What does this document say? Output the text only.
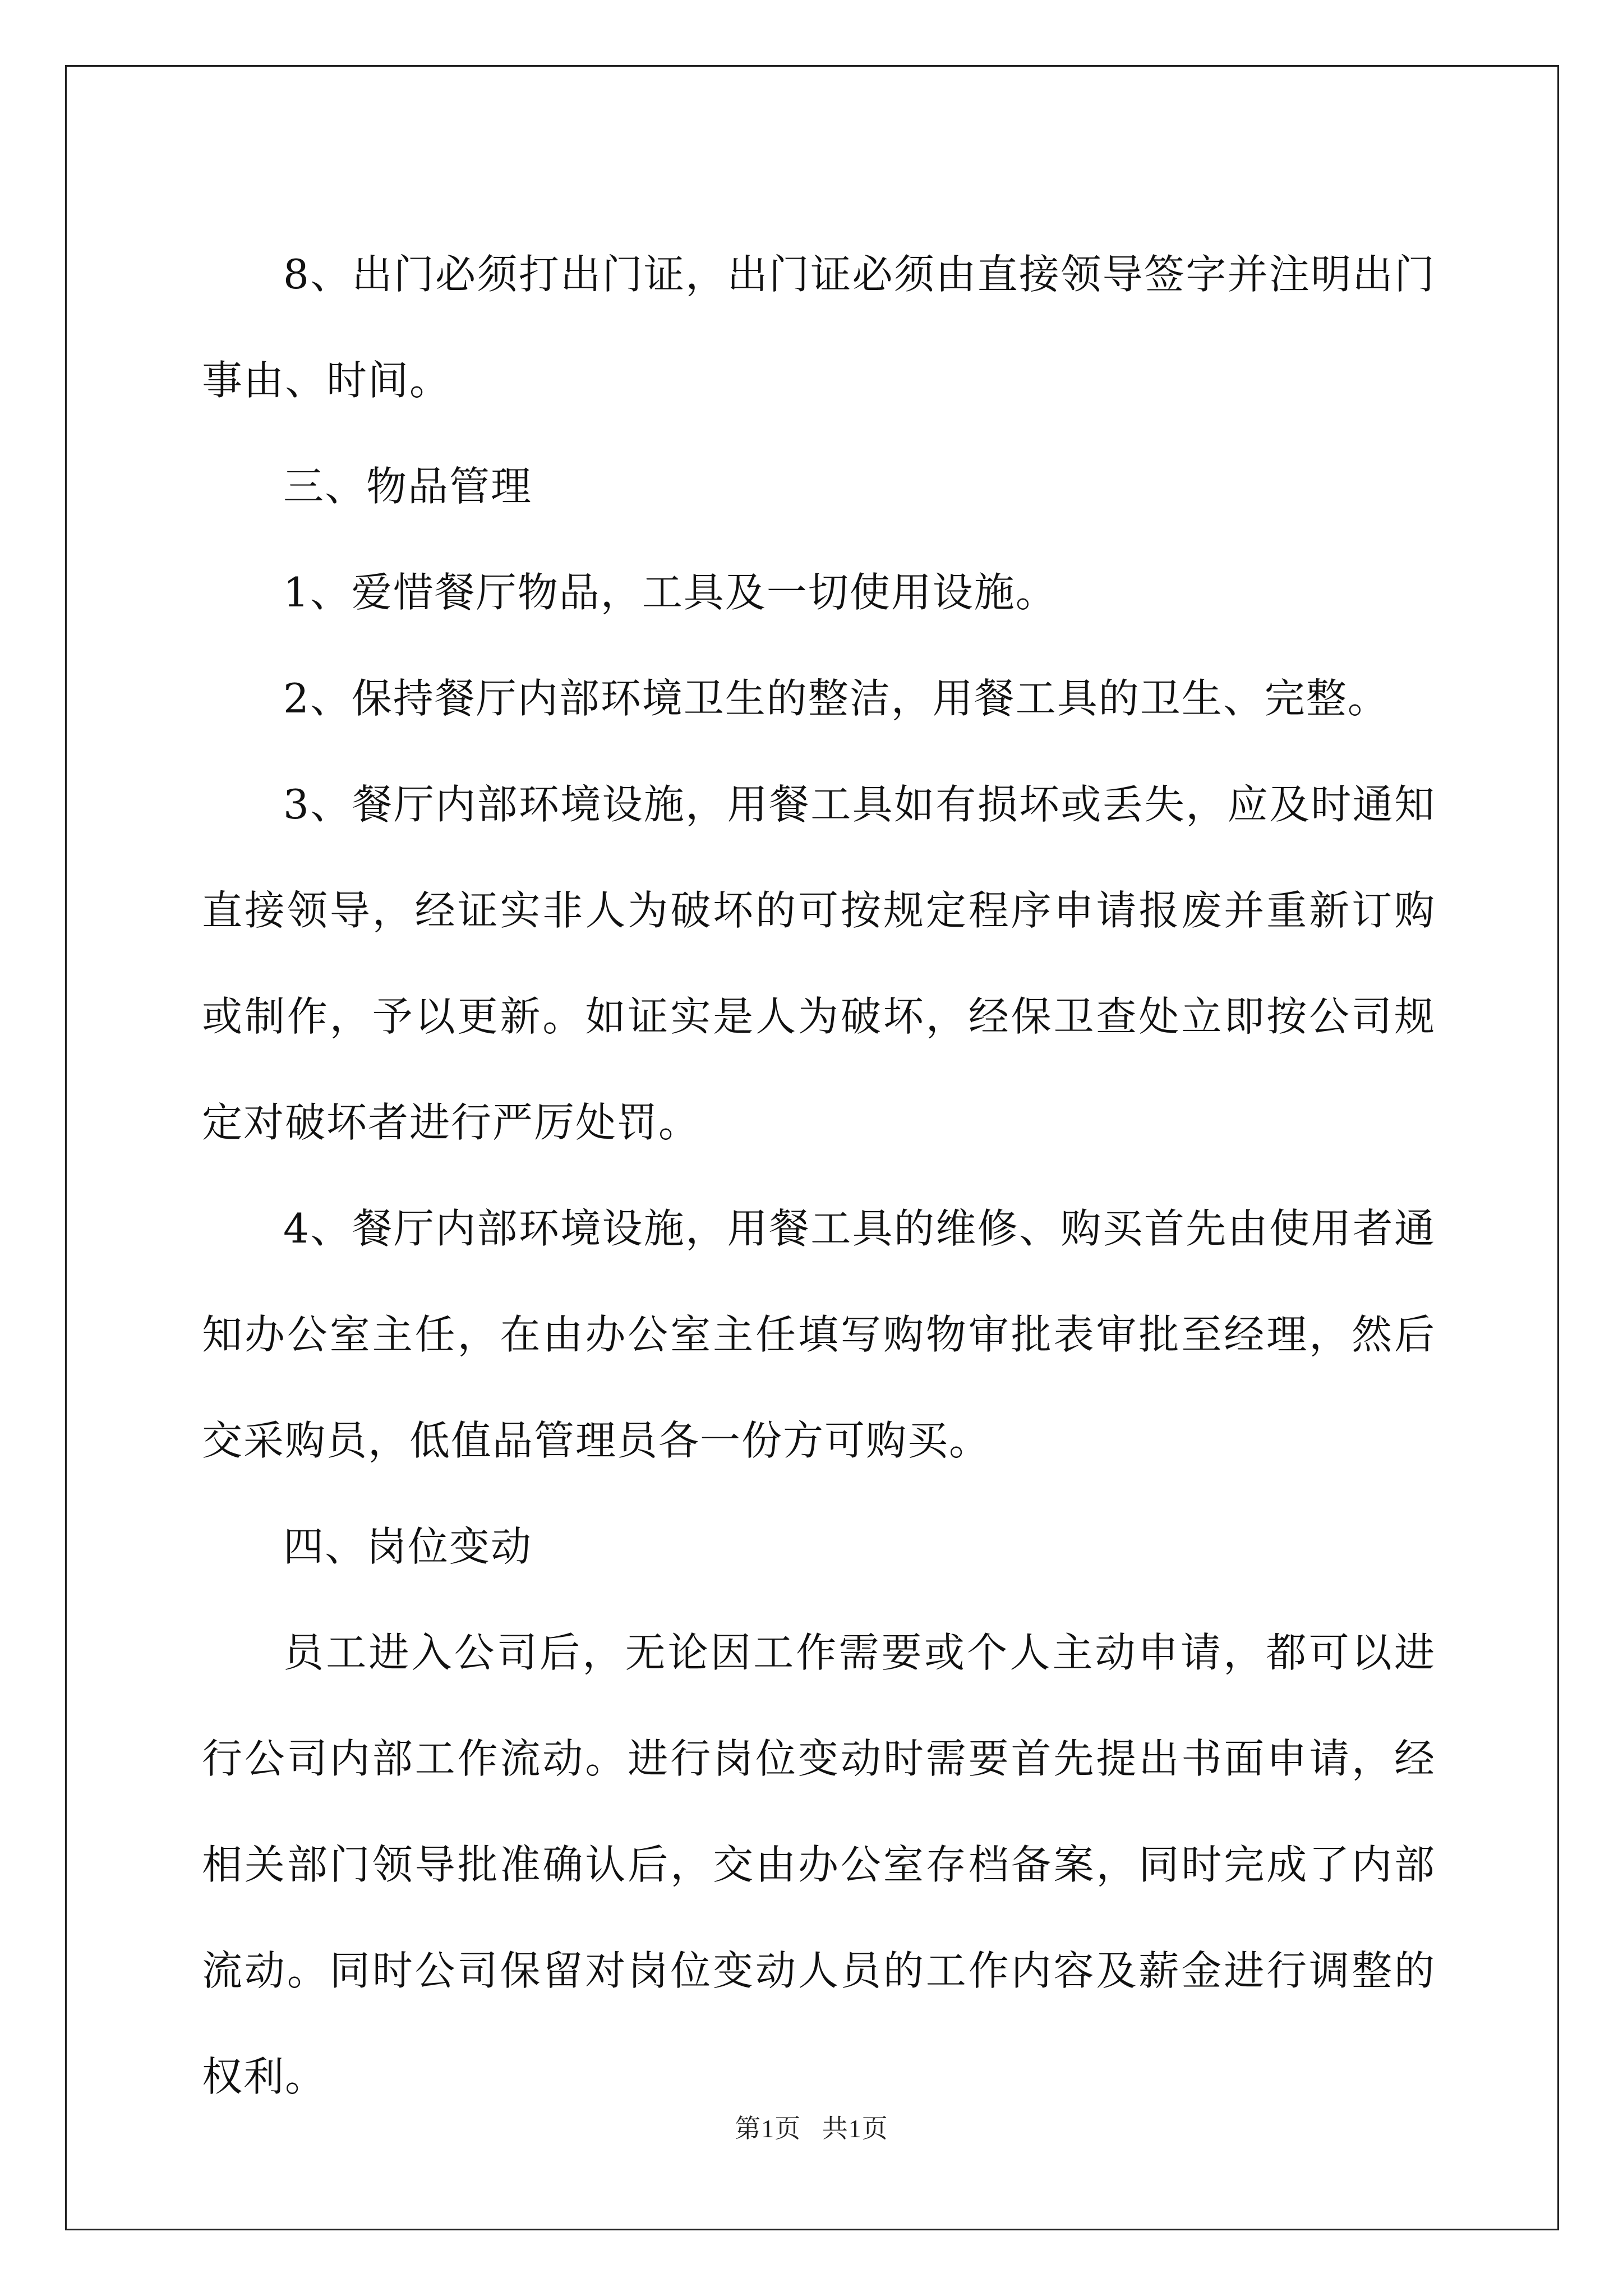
8、出门必须打出门证，出门证必须由直接领导签字并注明出门事由、时间。

三、物品管理

1、爱惜餐厅物品，工具及一切使用设施。

2、保持餐厅内部环境卫生的整洁，用餐工具的卫生、完整。

3、餐厅内部环境设施，用餐工具如有损坏或丢失，应及时通知直接领导，经证实非人为破坏的可按规定程序申请报废并重新订购或制作，予以更新。如证实是人为破坏，经保卫查处立即按公司规定对破坏者进行严厉处罚。

4、餐厅内部环境设施，用餐工具的维修、购买首先由使用者通知办公室主任，在由办公室主任填写购物审批表审批至经理，然后交采购员，低值品管理员各一份方可购买。

四、岗位变动

员工进入公司后，无论因工作需要或个人主动申请，都可以进行公司内部工作流动。进行岗位变动时需要首先提出书面申请，经相关部门领导批准确认后，交由办公室存档备案，同时完成了内部流动。同时公司保留对岗位变动人员的工作内容及薪金进行调整的权利。

第1页 共1页
